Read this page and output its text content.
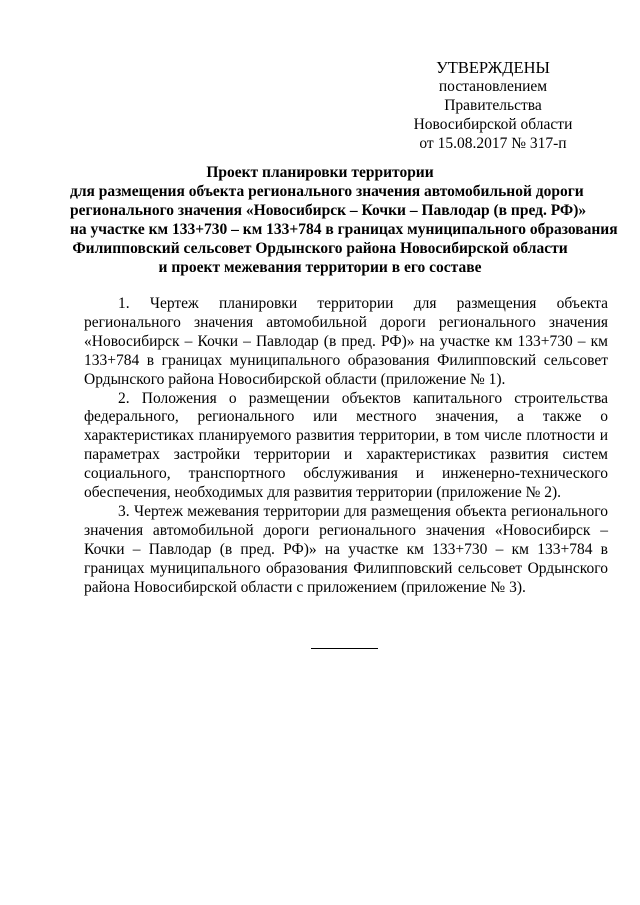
УТВЕРЖДЕНЫ
постановлением Правительства
Новосибирской области
от 15.08.2017 № 317-п
Проект планировки территории
для размещения объекта регионального значения автомобильной дороги
регионального значения «Новосибирск – Кочки – Павлодар (в пред. РФ)»
на участке км 133+730 – км 133+784 в границах муниципального образования
Филипповский сельсовет Ордынского района Новосибирской области
и проект межевания территории в его составе

1. Чертеж планировки территории для размещения объекта регионального значения автомобильной дороги регионального значения «Новосибирск – Кочки – Павлодар (в пред. РФ)» на участке км 133+730 – км 133+784 в границах муниципального образования Филипповский сельсовет Ордынского района Новосибирской области (приложение № 1).

2. Положения о размещении объектов капитального строительства федерального, регионального или местного значения, а также о характеристиках планируемого развития территории, в том числе плотности и параметрах застройки территории и характеристиках развития систем социального, транспортного обслуживания и инженерно-технического обеспечения, необходимых для развития территории (приложение № 2).

3. Чертеж межевания территории для размещения объекта регионального значения автомобильной дороги регионального значения «Новосибирск – Кочки – Павлодар (в пред. РФ)» на участке км 133+730 – км 133+784 в границах муниципального образования Филипповский сельсовет Ордынского района Новосибирской области с приложением (приложение № 3).
